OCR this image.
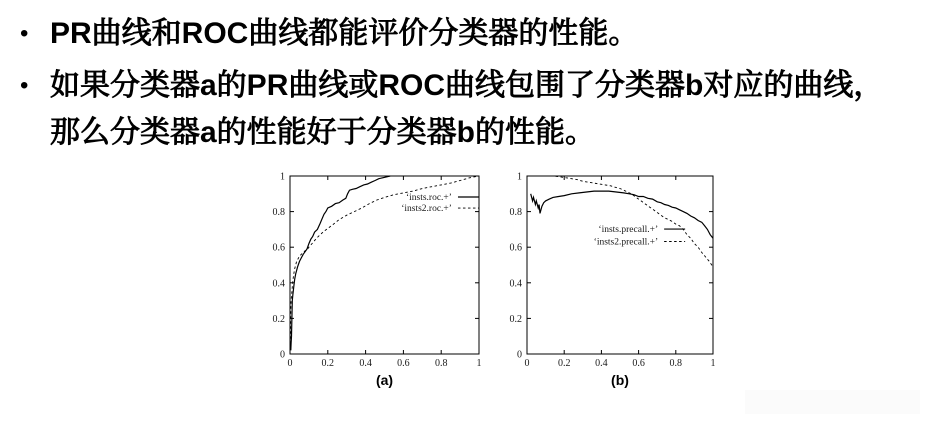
• PR曲线和ROC曲线都能评价分类器的性能。
• 如果分类器a的PR曲线或ROC曲线包围了分类器b对应的曲线，
那么分类器a的性能好于分类器b的性能。
0	0.2	0.4	0.6	0.8	1
0
0.2
0.4
0.6
0.8
1
‘insts.roc.+’
‘insts2.roc.+’
(a)
0	0.2 0.4 0.6 0.8	1
0
0.2
0.4
0.6
0.8
1
‘insts.precall.+’
‘insts2.precall.+’
(b)
